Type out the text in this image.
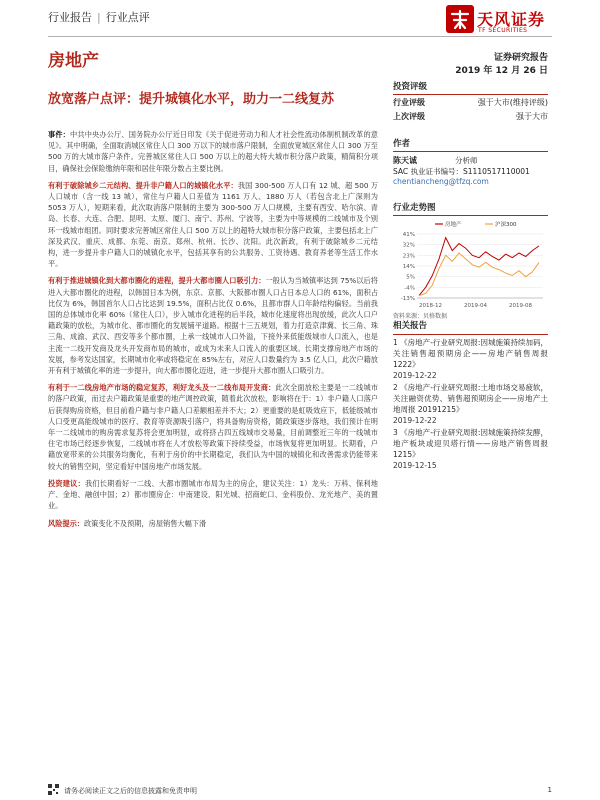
行业报告 | 行业点评	天风证券
TF SECURITIES
房地产	证券研究报告
2019 年 12 月 26 日
放宽落户点评：提升城镇化水平，助力一二线复苏

事件：中共中央办公厅、国务院办公厅近日印发《关于促进劳动力和人才社会性流动体制机制改革的意见》。其中明确，全面取消城区常住人口 300 万以下的城市落户限制，全面放宽城区常住人口 300 万至 500 万的大城市落户条件。完善城区常住人口 500 万以上的超大特大城市积分落户政策，精简积分项目，确保社会保险缴纳年限和居住年限分数占主要比例。

有利于破除城乡二元结构、提升非户籍人口的城镇化水平：我国 300-500 万人口有 12 城、超 500 万人口城市（含一线 13 城），常住与户籍人口差值为 1161 万人、1880 万人（若包含北上广深则为 5053 万人），短期来看，此次取消落户限制的主要为 300-500 万人口规模，主要有西安、哈尔滨、青岛、长春、大连、合肥、昆明、太原、厦门、南宁、苏州、宁波等，主要为中等规模的二线城市及个别环一线城市组团。同时要求完善城区常住人口 500 万以上的超特大城市积分落户政策，主要包括北上广深及武汉、重庆、成都、东莞、南京、郑州、杭州、长沙、沈阳。此次新政，有利于破除城乡二元结构，进一步提升非户籍人口的城镇化水平，包括其享有的公共服务、工资待遇、教育养老等生活工作水平。

有利于推进城镇化到大都市圈化的进程，提升大都市圈人口吸引力：一般认为当城镇率达到 75%以后将进入大都市圈化的进程，以韩国日本为例，东京、京都、大阪都市圈人口占日本总人口的 61%，面积占比仅为 6%，韩国首尔人口占比达到 19.5%，面积占比仅 0.6%，且都市群人口年龄结构偏轻。当前我国的总体城市化率 60%（常住人口），步入城市化进程的后半段，城市化速度将出现放缓，此次人口户籍政策的放松，为城市化、都市圈化的发展铺平道路。根据十三五规划，着力打造京津冀、长三角、珠三角、成渝、武汉、西安等多个都市圈，上承一线城市人口外溢，下接外来低能级城市人口流入，也是主流一二线开发商及龙头开发商布局的城市，或成为未来人口流入的重要区域。长期支撑房地产市场的发展，参考发达国家，长期城市化率或将稳定在 85%左右，对应人口数量约为 3.5 亿人口，此次户籍放开有利于城镇化率的进一步提升，向大都市圈化迈进，进一步提升大都市圈人口吸引力。

有利于一二线房地产市场的稳定复苏，利好龙头及一二线布局开发商：此次全面放松主要是一二线城市的落户政策，而过去户籍政策是重要的地产调控政策，随着此次放松，影响将在于：1）非户籍人口落户后获得购房资格，但目前看户籍与非户籍人口差额相差并不大；2）更重要的是虹吸效应下，低能级城市人口受更高能级城市的医疗、教育等资源吸引落户，将具备购房资格，随政策逐步落地，我们预计在明年一二线城市的购房需求复苏将会更加明显，或将挤占四五线城市交易量，目前调整近三年的一线城市住宅市场已经逐步恢复，二线城市将在人才放松等政策下持续受益，市场恢复将更加明显。长期看，户籍放宽带来的公共服务均衡化，有利于房价的中长期稳定，我们认为中国的城镇化和改善需求仍能带来较大的销售空间，坚定看好中国房地产市场发展。

投资建议：我们长期看好一二线、大都市圈城市布局为主的房企，建议关注：1）龙头：万科、保利地产、金地、融创中国；2）都市圈房企：中南建设、阳光城、招商蛇口、金科股份、龙光地产、美的置业。

风险提示：政策变化不及预期，房屋销售大幅下滑

投资评级
行业评级	强于大市(维持评级)
上次评级	强于大市
作者
陈天诚	分析师
SAC 执业证书编号：S1110517110001
chentiancheng@tfzq.com
行业走势图
41%
32%
23%
14%
5%
-4%
-13%
2018-12	2019-04	2019-08
房地产	沪深300
资料来源：贝格数据
相关报告
1 《房地产-行业研究周报:因城施策持续加码，关注销售超预期房企——房地产销售周报 1222》
2019-12-22
2 《房地产-行业研究周报:土地市场交易疲软，关注融资优势、销售超预期房企——房地产土地周报 20191215》
2019-12-22
3 《房地产-行业研究周报:因城施策持续发酵，地产板块或迎贝塔行情——房地产销售周报 1215》
2019-12-15
请务必阅读正文之后的信息披露和免责申明	1
